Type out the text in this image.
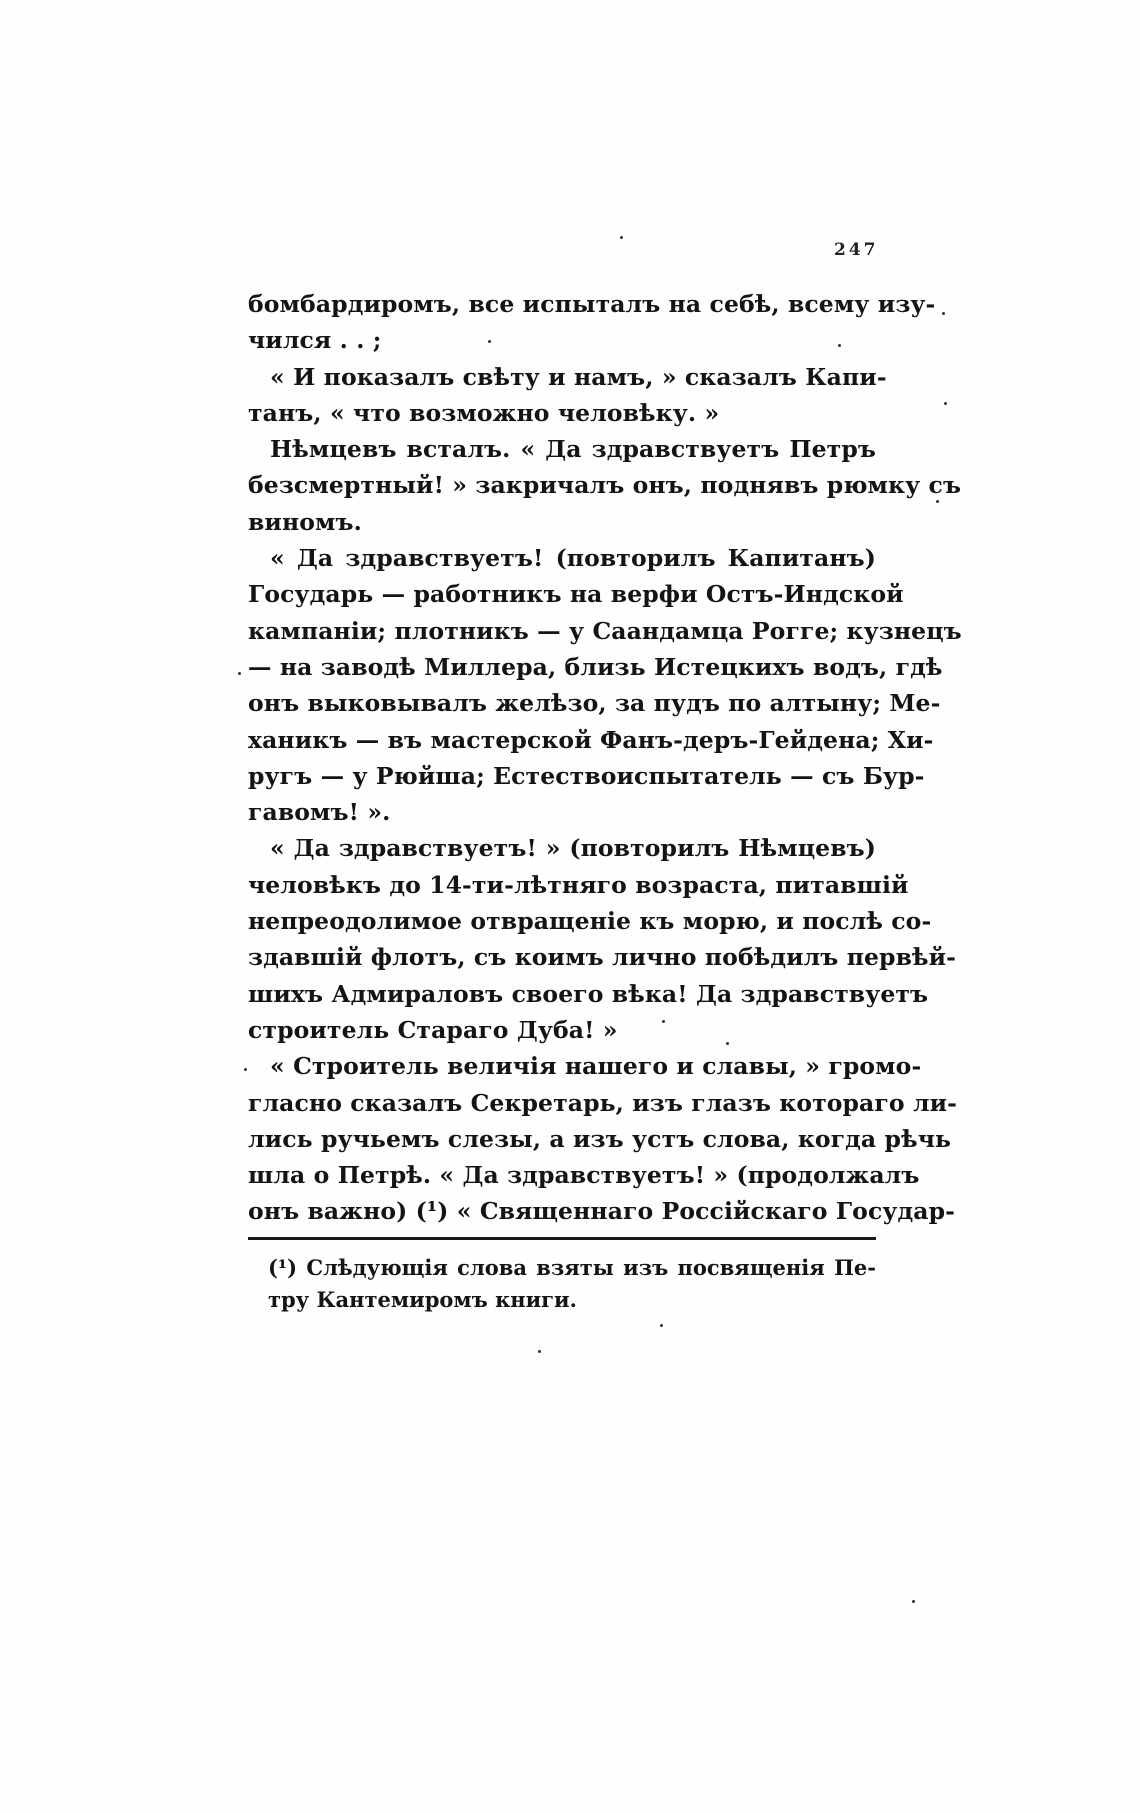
247
бомбардиромъ, все испыталъ на себѣ, всему изу-
чился . . ;
« И показалъ свѣту и намъ, » сказалъ Капи-
танъ, « что возможно человѣку. »
Нѣмцевъ всталъ. « Да здравствуетъ Петръ
безсмертный! » закричалъ онъ, поднявъ рюмку съ
виномъ.
« Да здравствуетъ! (повторилъ Капитанъ)
Государь — работникъ на верфи Остъ-Индской
кампаніи; плотникъ — у Саандамца Рогге; кузнецъ
— на заводѣ Миллера, близь Истецкихъ водъ, гдѣ
онъ выковывалъ желѣзо, за пудъ по алтыну; Ме-
ханикъ — въ мастерской Фанъ-деръ-Гейдена; Хи-
ругъ — у Рюйша; Естествоиспытатель — съ Бур-
гавомъ! ».
« Да здравствуетъ! » (повторилъ Нѣмцевъ)
человѣкъ до 14-ти-лѣтняго возраста, питавшій
непреодолимое отвращеніе къ морю, и послѣ со-
здавшій флотъ, съ коимъ лично побѣдилъ первѣй-
шихъ Адмираловъ своего вѣка! Да здравствуетъ
строитель Стараго Дуба! »
« Строитель величія нашего и славы, » громо-
гласно сказалъ Секретарь, изъ глазъ котораго ли-
лись ручьемъ слезы, а изъ устъ слова, когда рѣчь
шла о Петрѣ. « Да здравствуетъ! » (продолжалъ
онъ важно) (¹) « Священнаго Россійскаго Государ-
(¹) Слѣдующія слова взяты изъ посвященія Пе-
тру Кантемиромъ книги.
